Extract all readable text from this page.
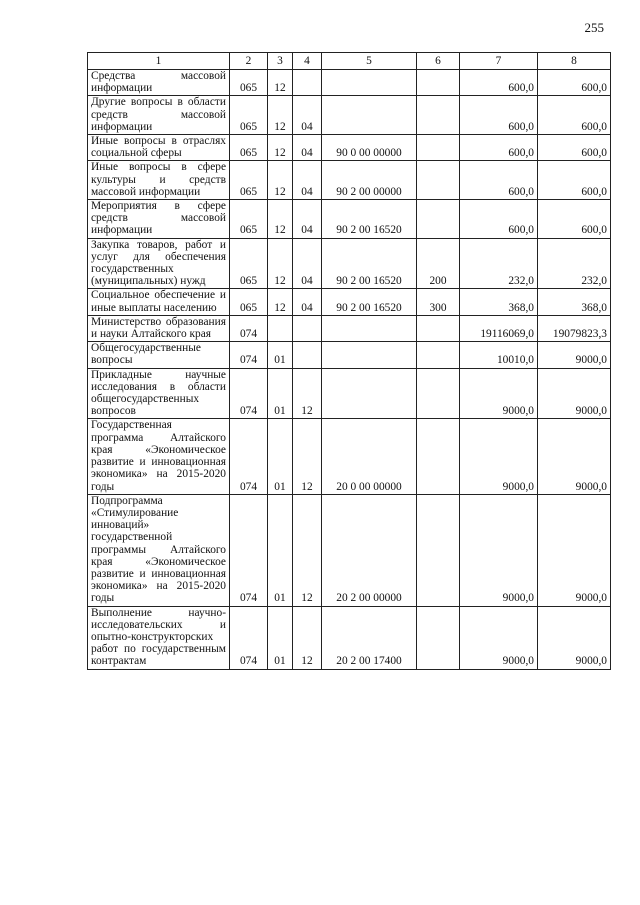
255
1	2	3	4	5	6	7	8
Средства массовой информации	065	12				600,0	600,0
Другие вопросы в области средств массовой информации	065	12	04			600,0	600,0
Иные вопросы в отраслях социальной сферы	065	12	04	90 0 00 00000		600,0	600,0
Иные вопросы в сфере культуры и средств массовой информации	065	12	04	90 2 00 00000		600,0	600,0
Мероприятия в сфере средств массовой информации	065	12	04	90 2 00 16520		600,0	600,0
Закупка товаров, работ и услуг для обеспечения государственных (муниципальных) нужд	065	12	04	90 2 00 16520	200	232,0	232,0
Социальное обеспечение и иные выплаты населению	065	12	04	90 2 00 16520	300	368,0	368,0
Министерство образования и науки Алтайского края	074					19116069,0	19079823,3
Общегосударственные вопросы	074	01				10010,0	9000,0
Прикладные научные исследования в области общегосударственных вопросов	074	01	12			9000,0	9000,0
Государственная программа Алтайского края «Экономическое развитие и инновационная экономика» на 2015-2020 годы	074	01	12	20 0 00 00000		9000,0	9000,0
Подпрограмма «Стимулирование инноваций» государственной программы Алтайского края «Экономическое развитие и инновационная экономика» на 2015-2020 годы	074	01	12	20 2 00 00000		9000,0	9000,0
Выполнение научно-исследовательских и опытно-конструкторских работ по государственным контрактам	074	01	12	20 2 00 17400		9000,0	9000,0
